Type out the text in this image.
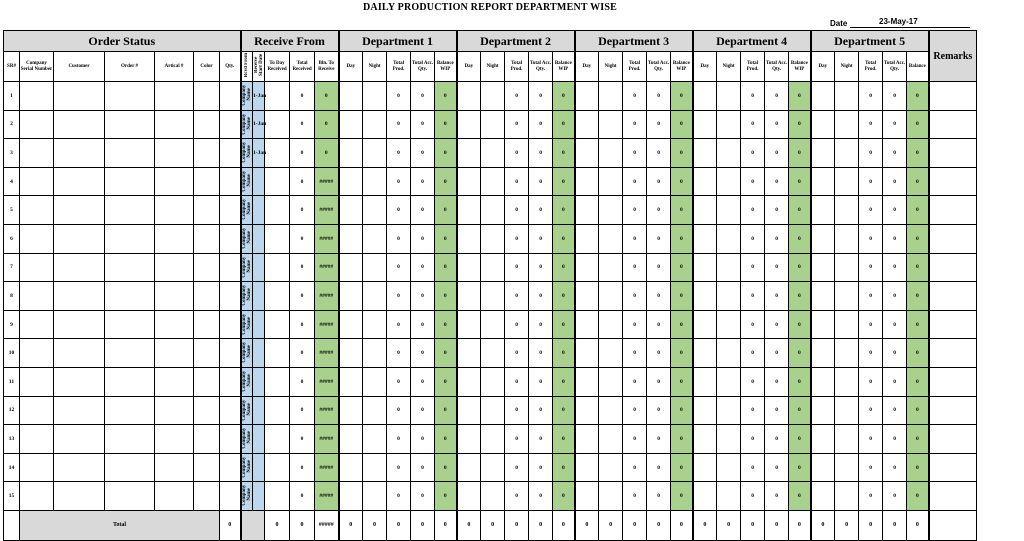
DAILY PRODUCTION REPORT DEPARTMENT WISE
Date	23-May-17
Order Status							Receive From					Department 1					Department 2					Department 3					Department 4					Department 5					Remarks
SR#	Company Serial Number	Customer	Order #	Artical #	Color	Qty.	Rcvd From	Receive Start Date	To Day Received	Total Received	Bln. To Receive	Day	Night	Total Prod.	Total Acc. Qty.	Balance WIP	Day	Night	Total Prod.	Total Acc. Qty.	Balance WIP	Day	Night	Total Prod.	Total Acc. Qty.	Balance WIP	Day	Night	Total Prod.	Total Acc. Qty.	Balance WIP	Day	Night	Total Prod.	Total Acc. Qty.	Balance	
1							Company Name	1-Jan		0	0			0	0	0			0	0	0			0	0	0			0	0	0			0	0	0	
2							Company Name	1-Jan		0	0			0	0	0			0	0	0			0	0	0			0	0	0			0	0	0	
3							Company Name	1-Jan		0	0			0	0	0			0	0	0			0	0	0			0	0	0			0	0	0	
4							Company Name			0	#####			0	0	0			0	0	0			0	0	0			0	0	0			0	0	0	
5							Company Name			0	#####			0	0	0			0	0	0			0	0	0			0	0	0			0	0	0	
6							Company Name			0	#####			0	0	0			0	0	0			0	0	0			0	0	0			0	0	0	
7							Company Name			0	#####			0	0	0			0	0	0			0	0	0			0	0	0			0	0	0	
8							Company Name			0	#####			0	0	0			0	0	0			0	0	0			0	0	0			0	0	0	
9							Company Name			0	#####			0	0	0			0	0	0			0	0	0			0	0	0			0	0	0	
10							Company Name			0	#####			0	0	0			0	0	0			0	0	0			0	0	0			0	0	0	
11							Company Name			0	#####			0	0	0			0	0	0			0	0	0			0	0	0			0	0	0	
12							Company Name			0	#####			0	0	0			0	0	0			0	0	0			0	0	0			0	0	0	
13							Company Name			0	#####			0	0	0			0	0	0			0	0	0			0	0	0			0	0	0	
14							Company Name			0	#####			0	0	0			0	0	0			0	0	0			0	0	0			0	0	0	
15							Company Name			0	#####			0	0	0			0	0	0			0	0	0			0	0	0			0	0	0	
	Total					0			0	0	#####	0	0	0	0	0	0	0	0	0	0	0	0	0	0	0	0	0	0	0	0	0	0	0	0	0	
